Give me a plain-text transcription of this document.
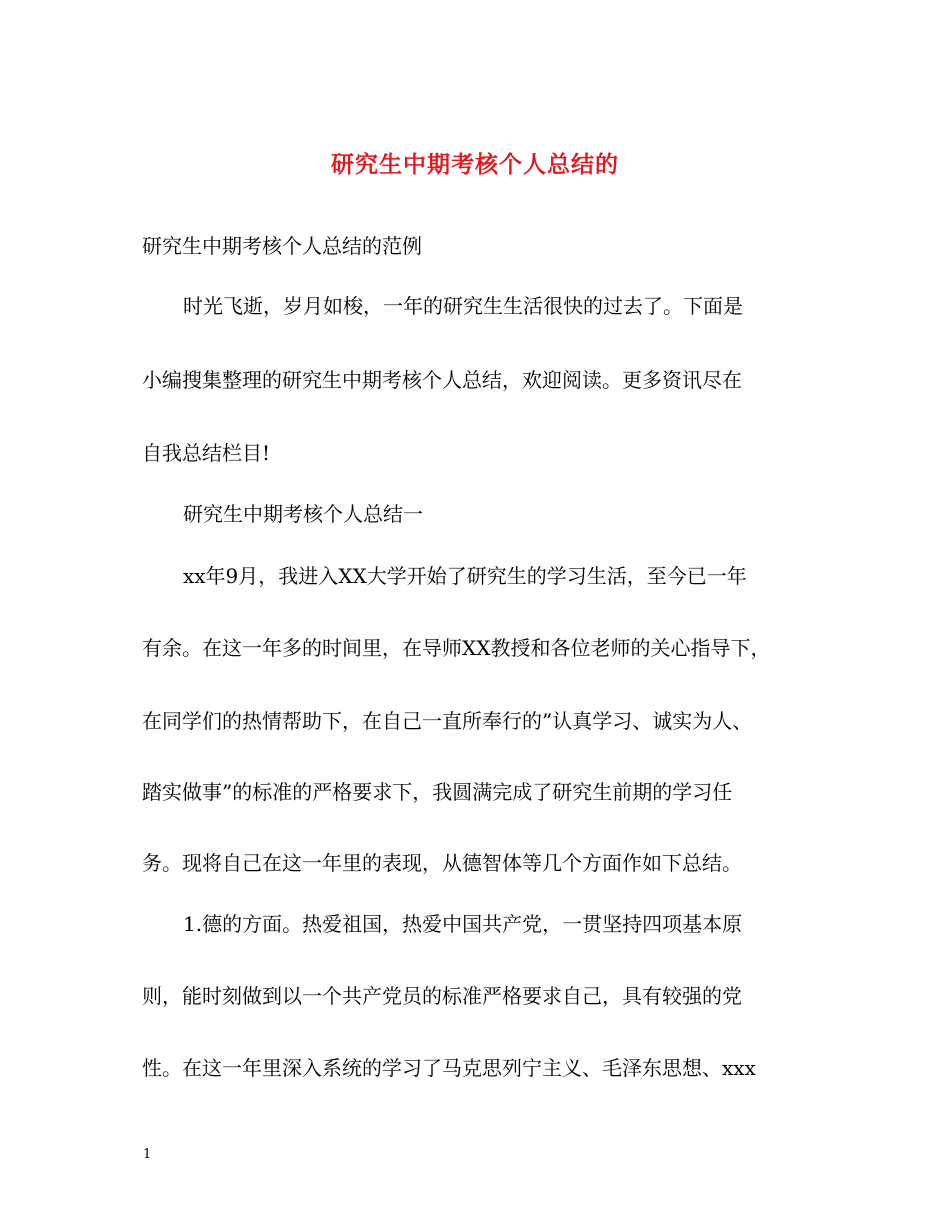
研究生中期考核个人总结的
研究生中期考核个人总结的范例
时光飞逝，岁月如梭，一年的研究生生活很快的过去了。下面是
小编搜集整理的研究生中期考核个人总结，欢迎阅读。更多资讯尽在
自我总结栏目!
研究生中期考核个人总结一
xx年9月，我进入XX大学开始了研究生的学习生活，至今已一年
有余。在这一年多的时间里，在导师XX教授和各位老师的关心指导下，
在同学们的热情帮助下，在自己一直所奉行的”认真学习、诚实为人、
踏实做事”的标准的严格要求下，我圆满完成了研究生前期的学习任
务。现将自己在这一年里的表现，从德智体等几个方面作如下总结。
1.德的方面。热爱祖国，热爱中国共产党，一贯坚持四项基本原
则，能时刻做到以一个共产党员的标准严格要求自己，具有较强的党
性。在这一年里深入系统的学习了马克思列宁主义、毛泽东思想、xxx
1
